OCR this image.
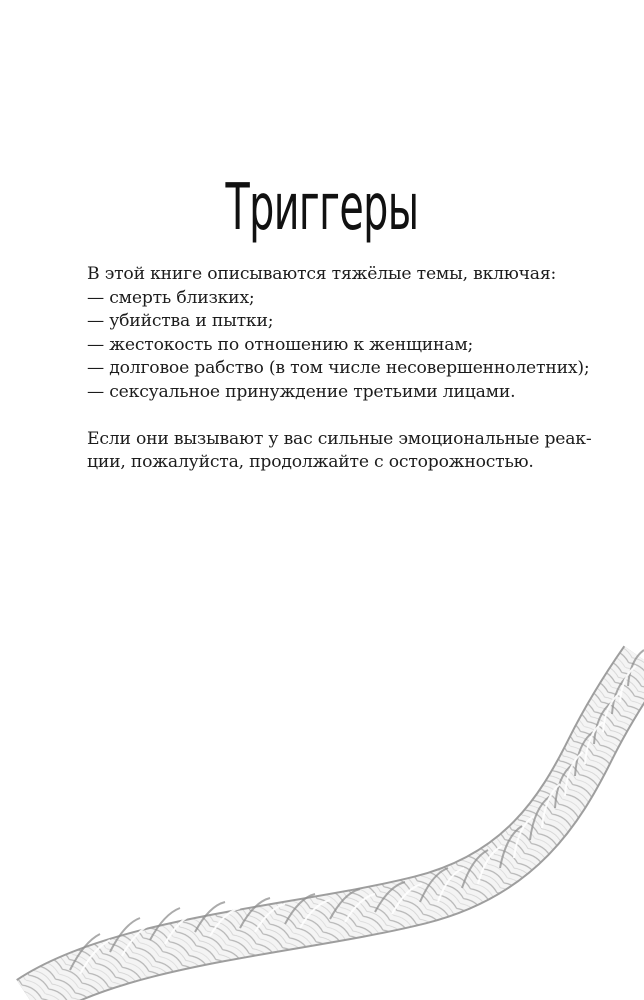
Триггеры
В этой книге описываются тяжёлые темы, включая:
— смерть близких;
— убийства и пытки;
— жестокость по отношению к женщинам;
— долговое рабство (в том числе несовершеннолетних);
— сексуальное принуждение третьими лицами.
Если они вызывают у вас сильные эмоциональные реак-
ции, пожалуйста, продолжайте с осторожностью.
